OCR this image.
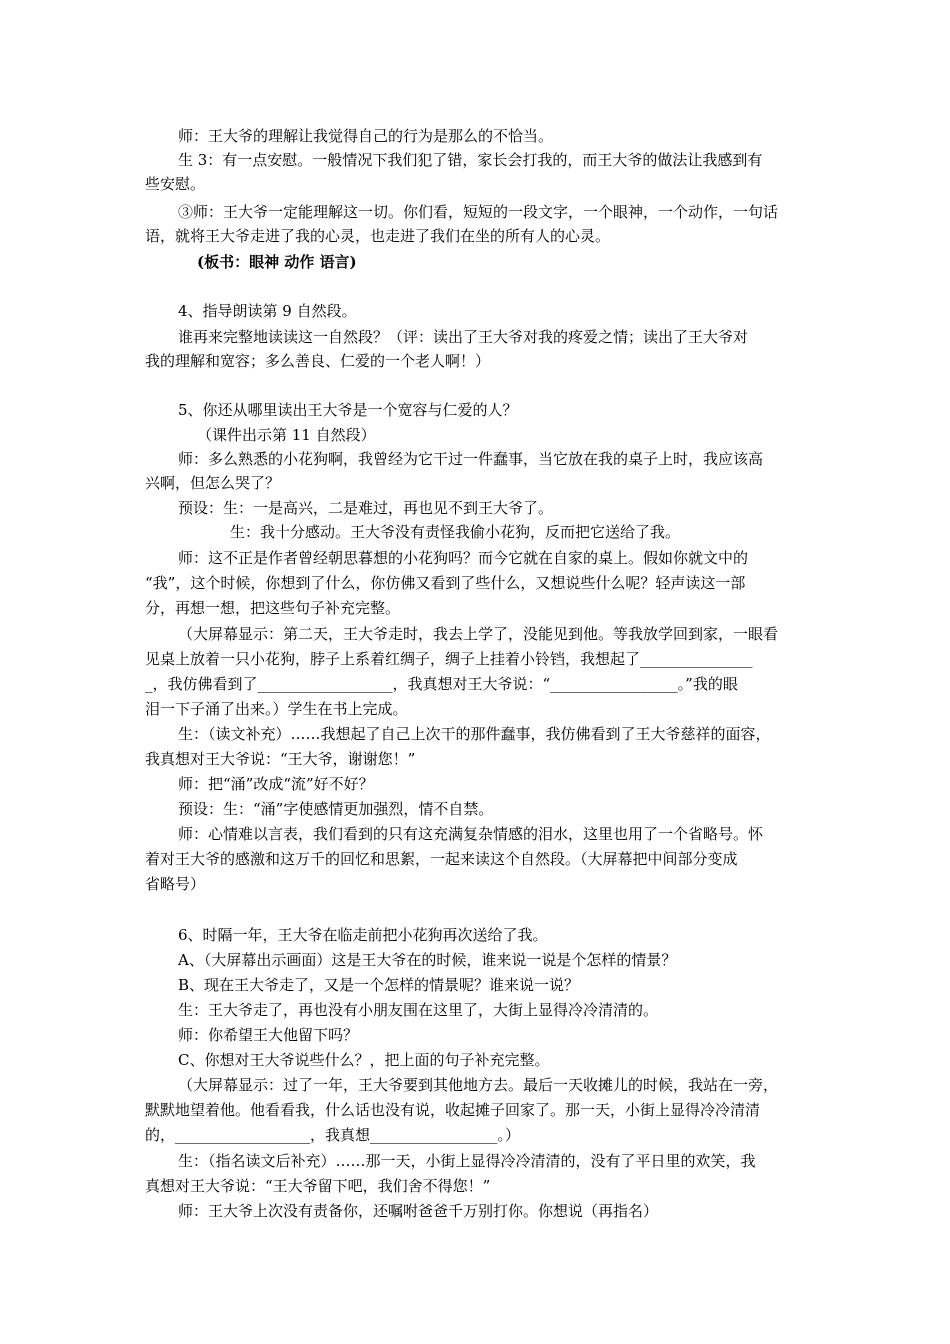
师：王大爷的理解让我觉得自己的行为是那么的不恰当。
生 3：有一点安慰。一般情况下我们犯了错，家长会打我的，而王大爷的做法让我感到有
些安慰。
③师：王大爷一定能理解这一切。你们看，短短的一段文字，一个眼神，一个动作，一句话
语，就将王大爷走进了我的心灵，也走进了我们在坐的所有人的心灵。
(板书：眼神 动作 语言)
4、指导朗读第 9 自然段。
谁再来完整地读读这一自然段？（评：读出了王大爷对我的疼爱之情；读出了王大爷对
我的理解和宽容；多么善良、仁爱的一个老人啊！）
5、你还从哪里读出王大爷是一个宽容与仁爱的人？
（课件出示第 11 自然段）
师：多么熟悉的小花狗啊，我曾经为它干过一件蠢事，当它放在我的桌子上时，我应该高
兴啊，但怎么哭了？
预设：生：一是高兴，二是难过，再也见不到王大爷了。
生：我十分感动。王大爷没有责怪我偷小花狗，反而把它送给了我。
师：这不正是作者曾经朝思暮想的小花狗吗？而今它就在自家的桌上。假如你就文中的
“我”，这个时候，你想到了什么，你仿佛又看到了些什么，又想说些什么呢？轻声读这一部
分，再想一想，把这些句子补充完整。
（大屏幕显示：第二天，王大爷走时，我去上学了，没能见到他。等我放学回到家，一眼看
见桌上放着一只小花狗，脖子上系着红绸子，绸子上挂着小铃铛，我想起了_______________
_，我仿佛看到了__________________，我真想对王大爷说：“_________________。”我的眼
泪一下子涌了出来。）学生在书上完成。
生：（读文补充）……我想起了自己上次干的那件蠢事，我仿佛看到了王大爷慈祥的面容，
我真想对王大爷说：“王大爷，谢谢您！”
师：把“涌”改成“流”好不好？
预设：生：“涌”字使感情更加强烈，情不自禁。
师：心情难以言表，我们看到的只有这充满复杂情感的泪水，这里也用了一个省略号。怀
着对王大爷的感激和这万千的回忆和思絮，一起来读这个自然段。（大屏幕把中间部分变成
省略号）
6、时隔一年，王大爷在临走前把小花狗再次送给了我。
A、（大屏幕出示画面）这是王大爷在的时候，谁来说一说是个怎样的情景？
B、现在王大爷走了，又是一个怎样的情景呢？谁来说一说？
生：王大爷走了，再也没有小朋友围在这里了，大街上显得冷冷清清的。
师：你希望王大他留下吗？
C、你想对王大爷说些什么？，把上面的句子补充完整。
（大屏幕显示：过了一年，王大爷要到其他地方去。最后一天收摊儿的时候，我站在一旁，
默默地望着他。他看看我，什么话也没有说，收起摊子回家了。那一天，小街上显得冷冷清清
的，__________________，我真想_________________。）
生：（指名读文后补充）……那一天，小街上显得冷冷清清的，没有了平日里的欢笑，我
真想对王大爷说：“王大爷留下吧，我们舍不得您！”
师：王大爷上次没有责备你，还嘱咐爸爸千万别打你。你想说（再指名）
